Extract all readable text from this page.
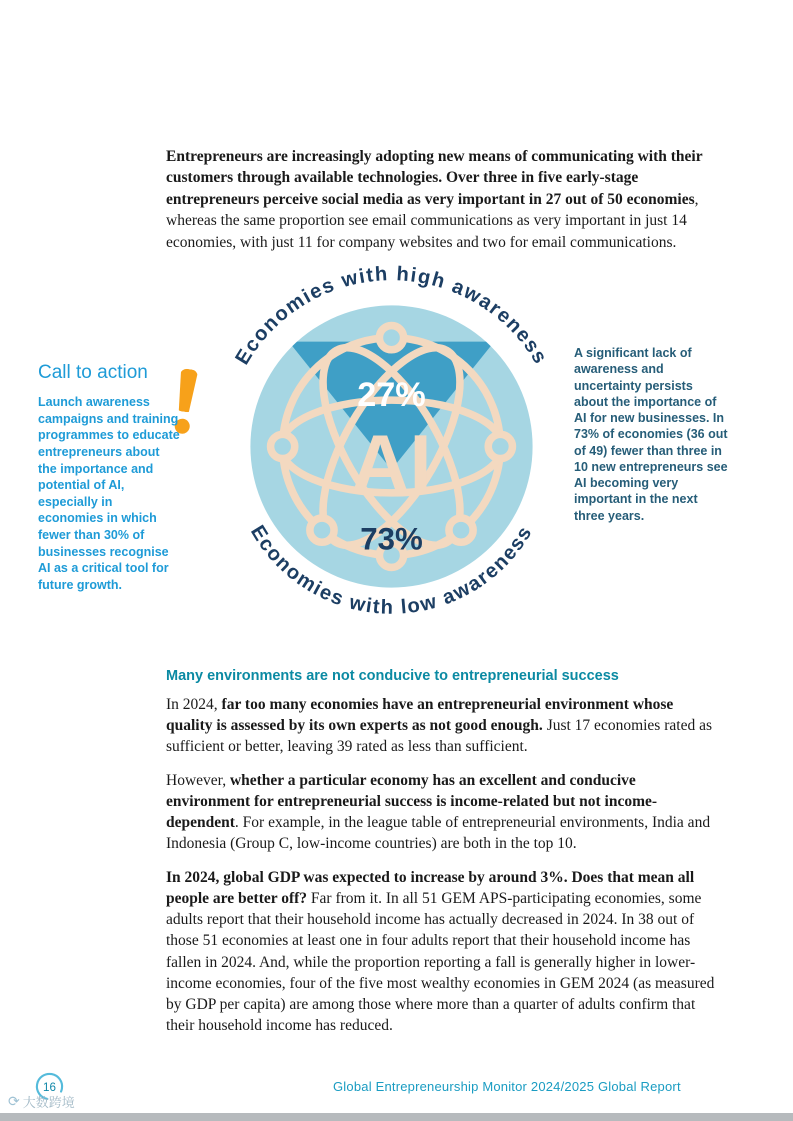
Entrepreneurs are increasingly adopting new means of communicating with their customers through available technologies. Over three in five early-stage entrepreneurs perceive social media as very important in 27 out of 50 economies, whereas the same proportion see email communications as very important in just 14 economies, with just 11 for company websites and two for email communications.
Call to action
Launch awareness campaigns and training programmes to educate entrepreneurs about the importance and potential of AI, especially in economies in which fewer than 30% of businesses recognise AI as a critical tool for future growth.
27%
AI
73%
Economies with high awareness
Economies with low awareness
A significant lack of awareness and uncertainty persists about the importance of AI for new businesses. In 73% of economies (36 out of 49) fewer than three in 10 new entrepreneurs see AI becoming very important in the next three years.
Many environments are not conducive to entrepreneurial success

In 2024, far too many economies have an entrepreneurial environment whose quality is assessed by its own experts as not good enough. Just 17 economies rated as sufficient or better, leaving 39 rated as less than sufficient.

However, whether a particular economy has an excellent and conducive environment for entrepreneurial success is income-related but not income-dependent. For example, in the league table of entrepreneurial environments, India and Indonesia (Group C, low-income countries) are both in the top 10.

In 2024, global GDP was expected to increase by around 3%. Does that mean all people are better off? Far from it. In all 51 GEM APS-participating economies, some adults report that their household income has actually decreased in 2024. In 38 out of those 51 economies at least one in four adults report that their household income has fallen in 2024. And, while the proportion reporting a fall is generally higher in lower-income economies, four of the five most wealthy economies in GEM 2024 (as measured by GDP per capita) are among those where more than a quarter of adults confirm that their household income has reduced.

16	Global Entrepreneurship Monitor 2024/2025 Global Report
⟳ 大数跨境
